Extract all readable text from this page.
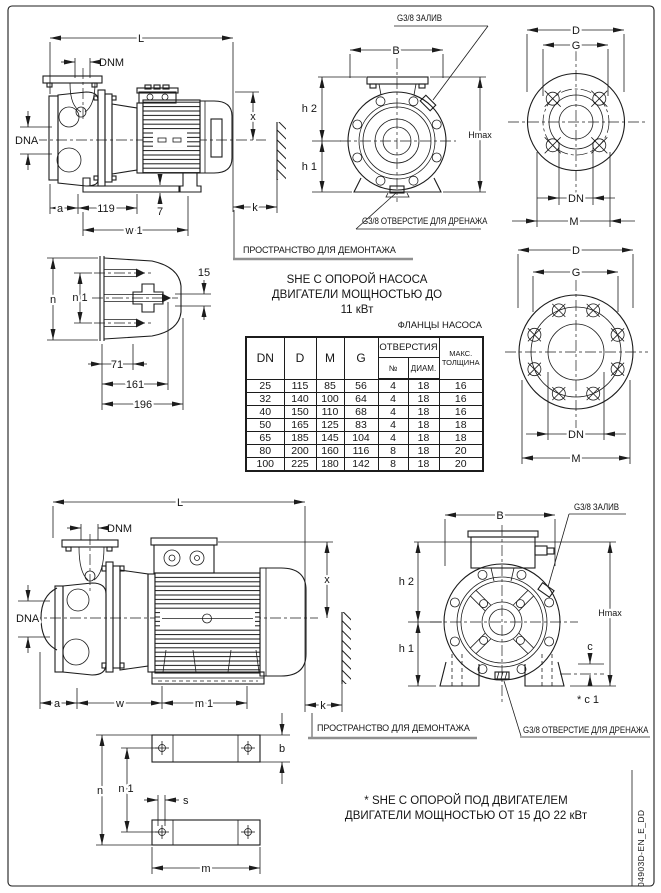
L
DNM
DNA
a	119	7
w 1
k
x
B
h 2
h 1
Hmax
D
G
DN
M
D
G
DN
M
n n 1
15
71
161
196
L
DNM
DNA
x
a	w	m 1	k
B
h 2
h 1
Hmax
c
* c 1
b
n n 1
s
m
G3/8 ЗАЛИВ
G3/8 ОТВЕРСТИЕ ДЛЯ ДРЕНАЖА
ПРОСТРАНСТВО ДЛЯ ДЕМОНТАЖА
SHE С ОПОРОЙ НАСОСА
ДВИГАТЕЛИ МОЩНОСТЬЮ ДО
11 кВт
ФЛАНЦЫ НАСОСА
DN	D	M	G	ОТВЕРСТИЯ		МАКС.
ТОЛЩИНА
				№	ДИАМ.	
25	115	85	56	4	18	16
32	140	100	64	4	18	16
40	150	110	68	4	18	16
50	165	125	83	4	18	18
65	185	145	104	4	18	18
80	200	160	116	8	18	20
100	225	180	142	8	18	20
G3/8 ЗАЛИВ
ПРОСТРАНСТВО ДЛЯ ДЕМОНТАЖА	G3/8 ОТВЕРСТИЕ ДЛЯ ДРЕНАЖА
* SHE С ОПОРОЙ ПОД ДВИГАТЕЛЕМ
ДВИГАТЕЛИ МОЩНОСТЬЮ ОТ 15 ДО 22 кВт	04903D-EN_E_DD
